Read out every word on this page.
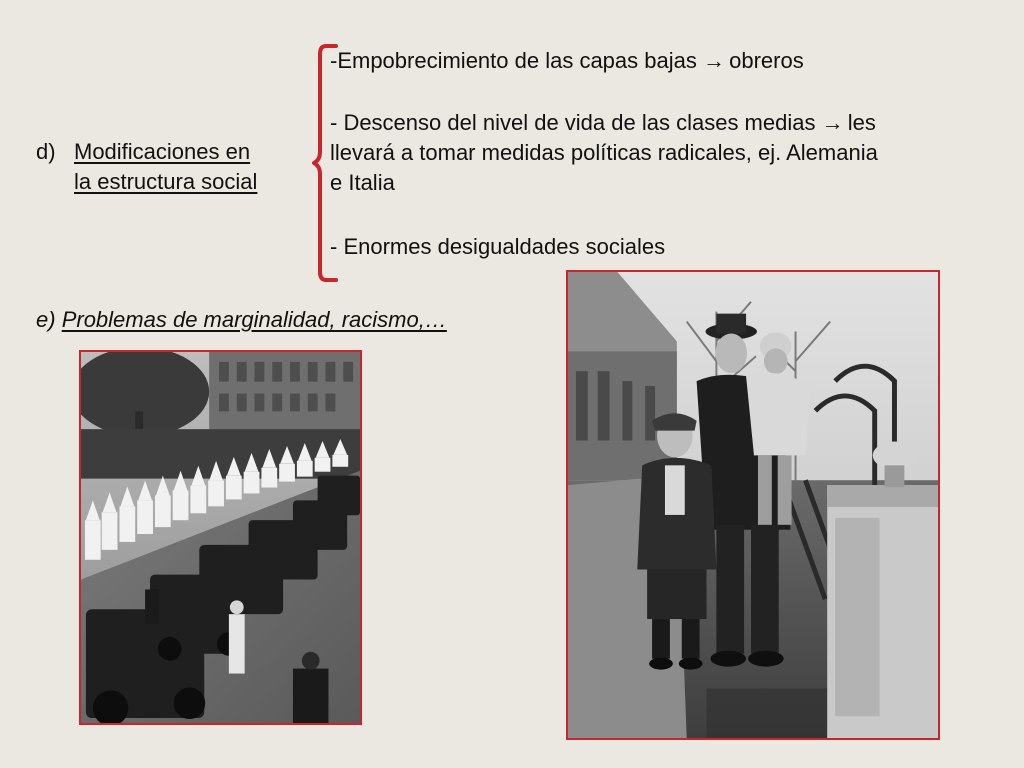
d) Modificaciones en
la estructura social
-Empobrecimiento de las capas bajas → obreros
- Descenso del nivel de vida de las clases medias → les
llevará a tomar medidas políticas radicales, ej. Alemania
e Italia
- Enormes desigualdades sociales
e) Problemas de marginalidad, racismo,…
